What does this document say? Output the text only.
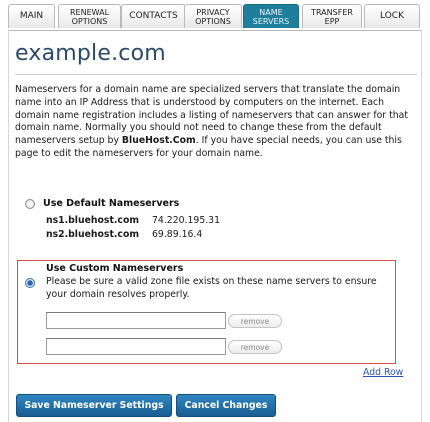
MAIN	RENEWAL
OPTIONS CONTACTS PRIVACY
OPTIONS
NAME
SERVERS
TRANSFER
EPP	LOCK
example.com
Nameservers for a domain name are specialized servers that translate the domain name into an IP Address that is understood by computers on the internet. Each domain name registration includes a listing of nameservers that can answer for that domain name. Normally you should not need to change these from the default nameservers setup by BlueHost.Com. If you have special needs, you can use this page to edit the nameservers for your domain name.
Use Default Nameservers
ns1.bluehost.com 74.220.195.31
ns2.bluehost.com 69.89.16.4
Use Custom Nameservers
Please be sure a valid zone file exists on these name servers to ensure your domain resolves properly.
remove
remove
Add Row
Save Nameserver Settings	Cancel Changes
